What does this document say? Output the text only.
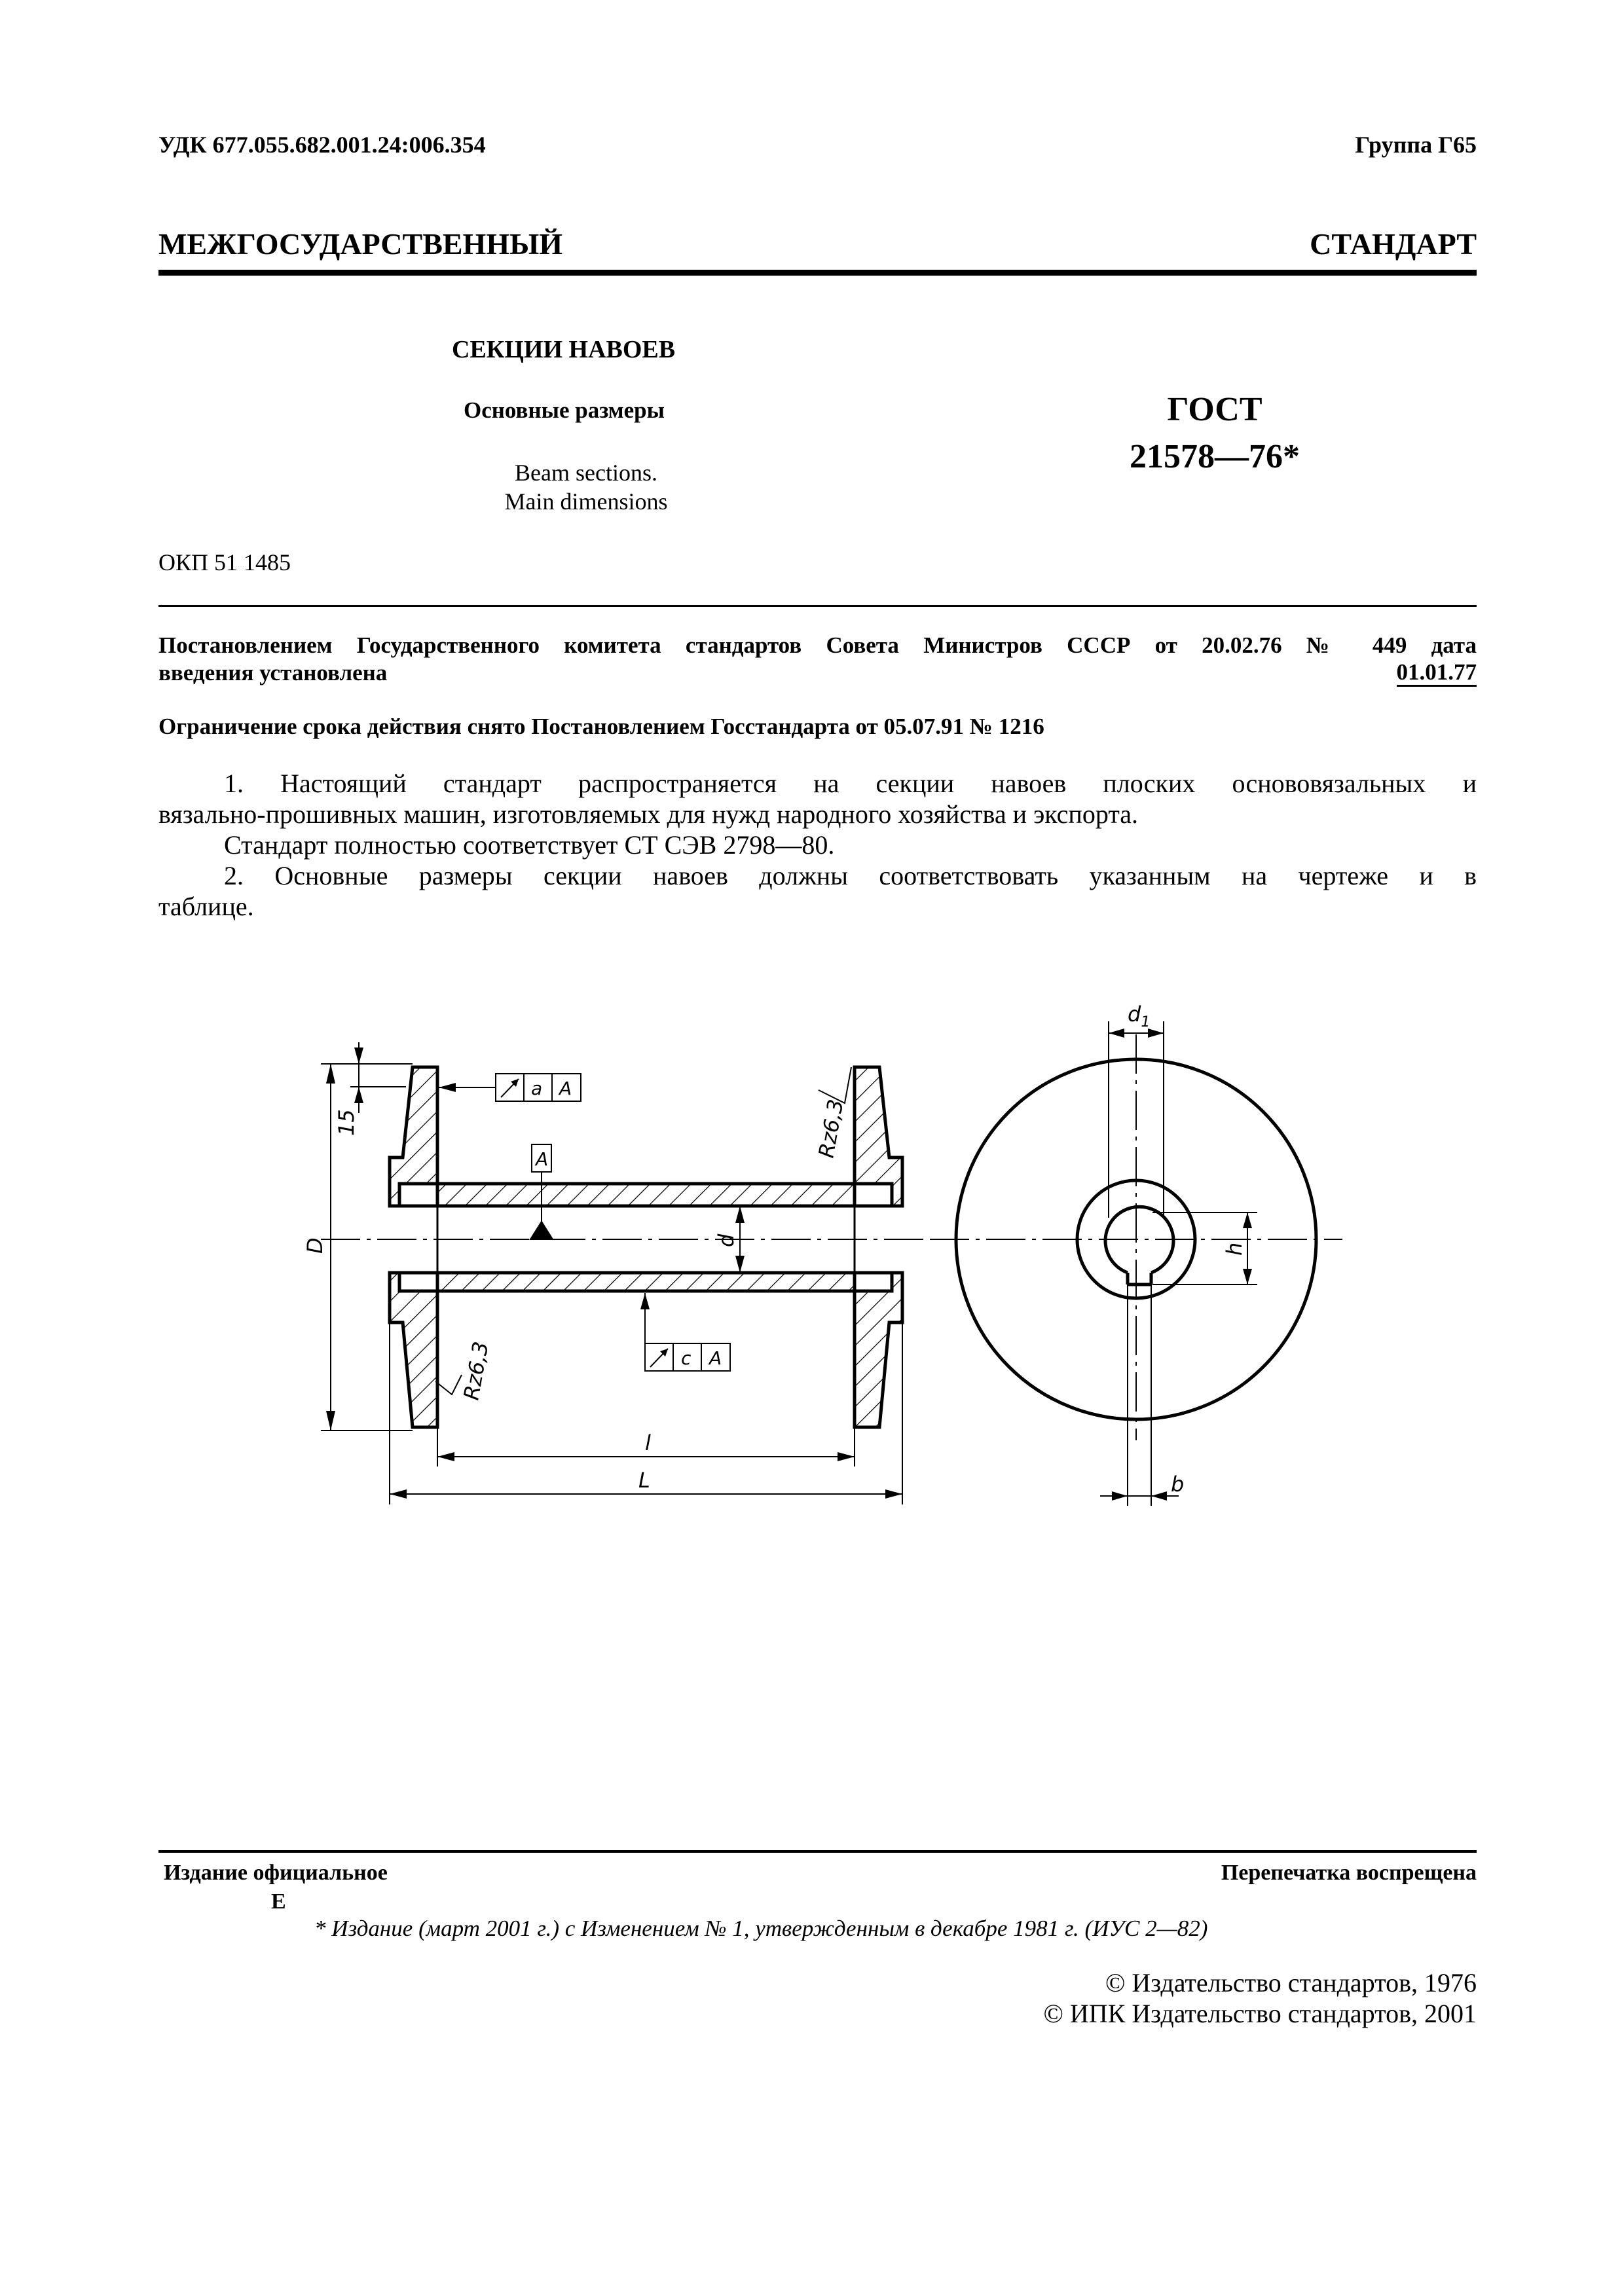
УДК 677.055.682.001.24:006.354	Группа Г65
МЕЖГОСУДАРСТВЕННЫЙ СТАНДАРТ
СЕКЦИИ НАВОЕВ
Основные размеры
Beam sections.
Main dimensions
ГОСТ
21578—76*
ОКП 51 1485
Постановлением Государственного комитета стандартов Совета Министров СССР от 20.02.76 № 449 дата
введения установлена	01.01.77
Ограничение срока действия снято Постановлением Госстандарта от 05.07.91 № 1216
1. Настоящий стандарт распространяется на секции навоев плоских основовязальных и
вязально-прошивных машин, изготовляемых для нужд народного хозяйства и экспорта.
Стандарт полностью соответствует СТ СЭВ 2798—80.
2. Основные размеры секции навоев должны соответствовать указанным на чертеже и в
таблице.
15
D	d
l
L
Rz6,3
Rz6,3
A
a A
c A
$d_1$
h
b
Издание официальное	Перепечатка воспрещена
Е
* Издание (март 2001 г.) с Изменением № 1, утвержденным в декабре 1981 г. (ИУС 2—82)
© Издательство стандартов, 1976
© ИПК Издательство стандартов, 2001
